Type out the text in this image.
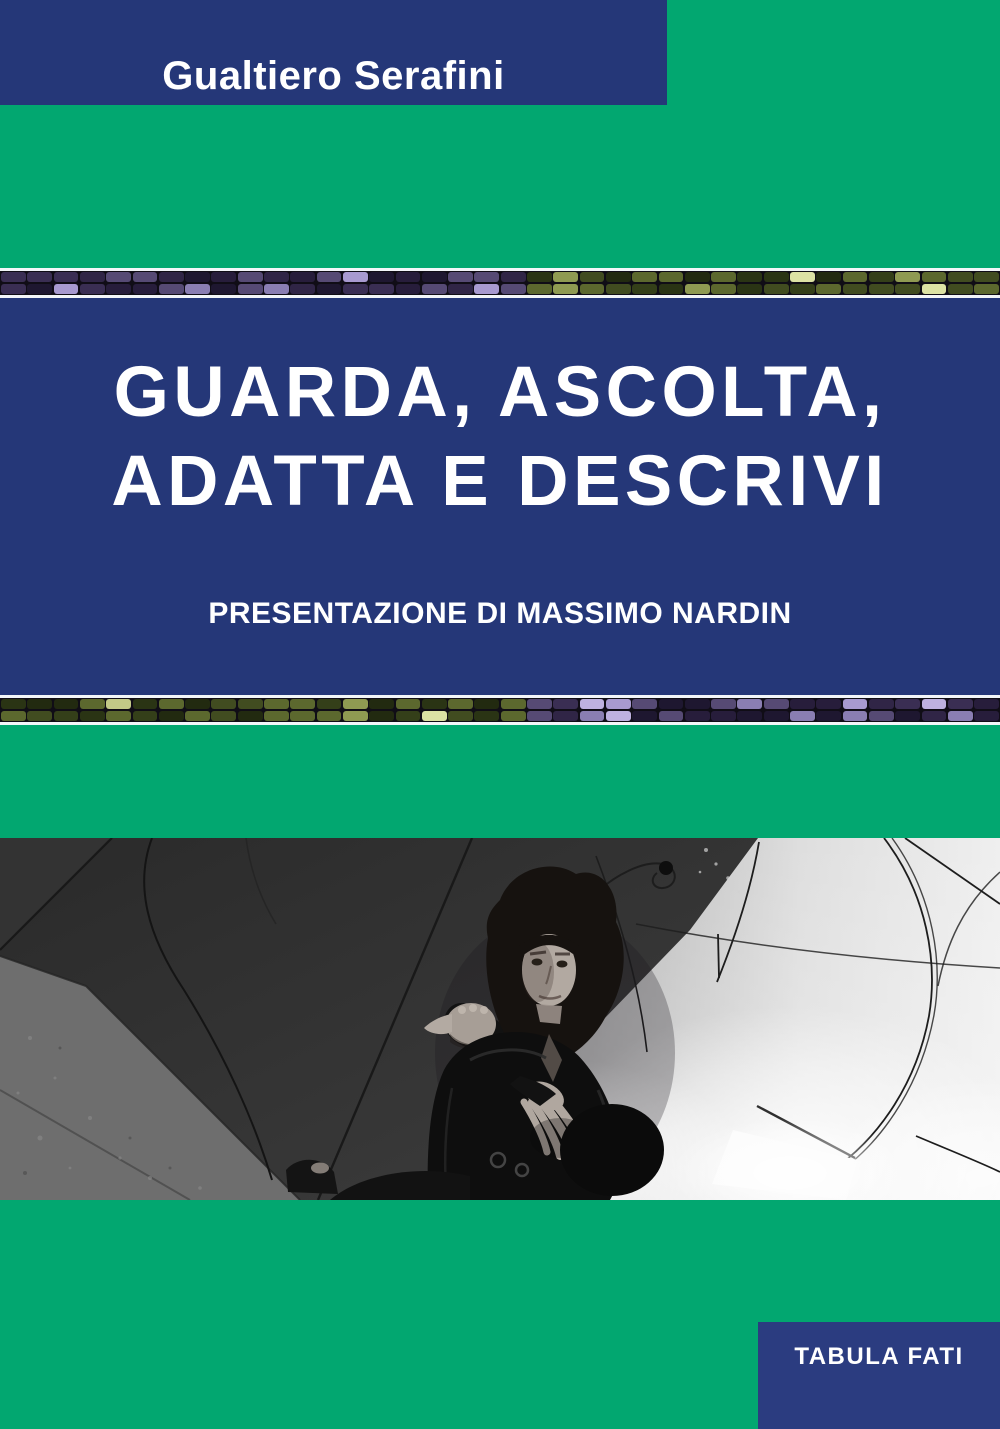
Gualtiero Serafini
GUARDA, ASCOLTA,
ADATTA E DESCRIVI
PRESENTAZIONE DI MASSIMO NARDIN
TABULA FATI
